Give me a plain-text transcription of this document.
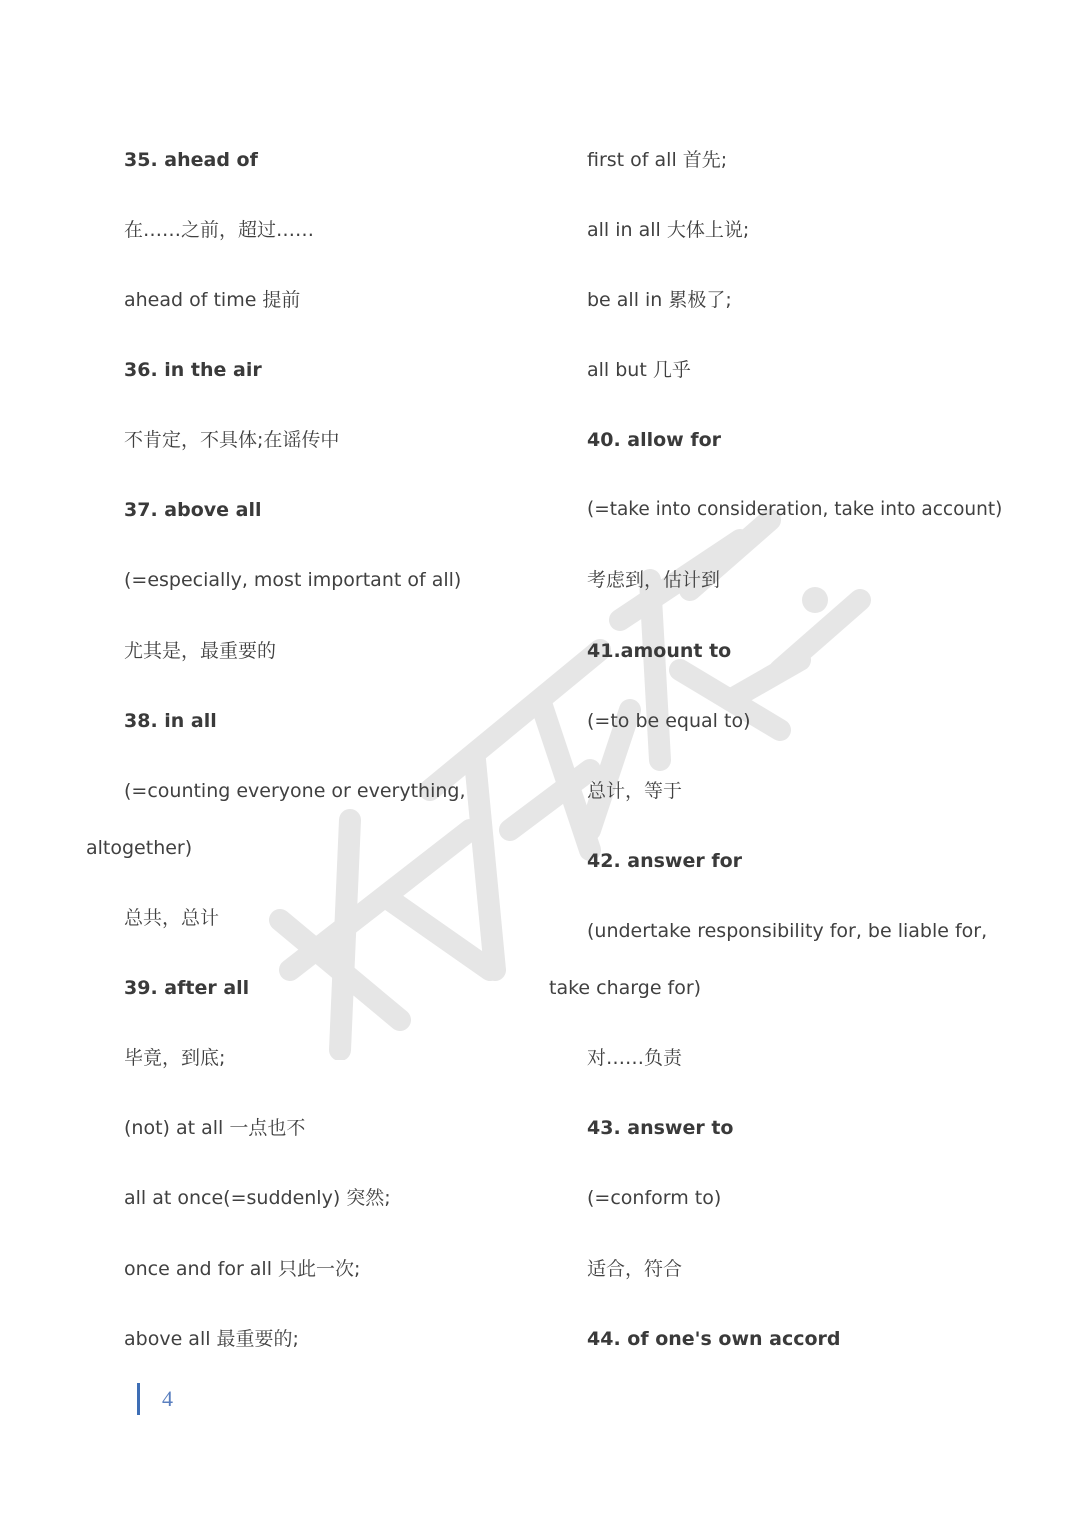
35. ahead of
在……之前，超过……
ahead of time 提前
36. in the air
不肯定，不具体;在谣传中
37. above all
(=especially, most important of all)
尤其是，最重要的
38. in all
(=counting everyone or everything,
altogether)
总共，总计
39. after all
毕竟，到底;
(not) at all 一点也不
all at once(=suddenly) 突然;
once and for all 只此一次;
above all 最重要的;
first of all 首先;
all in all 大体上说;
be all in 累极了;
all but 几乎
40. allow for
(=take into consideration, take into account)
考虑到，估计到
41.amount to
(=to be equal to)
总计，等于
42. answer for
(undertake responsibility for, be liable for,
take charge for)
对……负责
43. answer to
(=conform to)
适合，符合
44. of one's own accord
4
